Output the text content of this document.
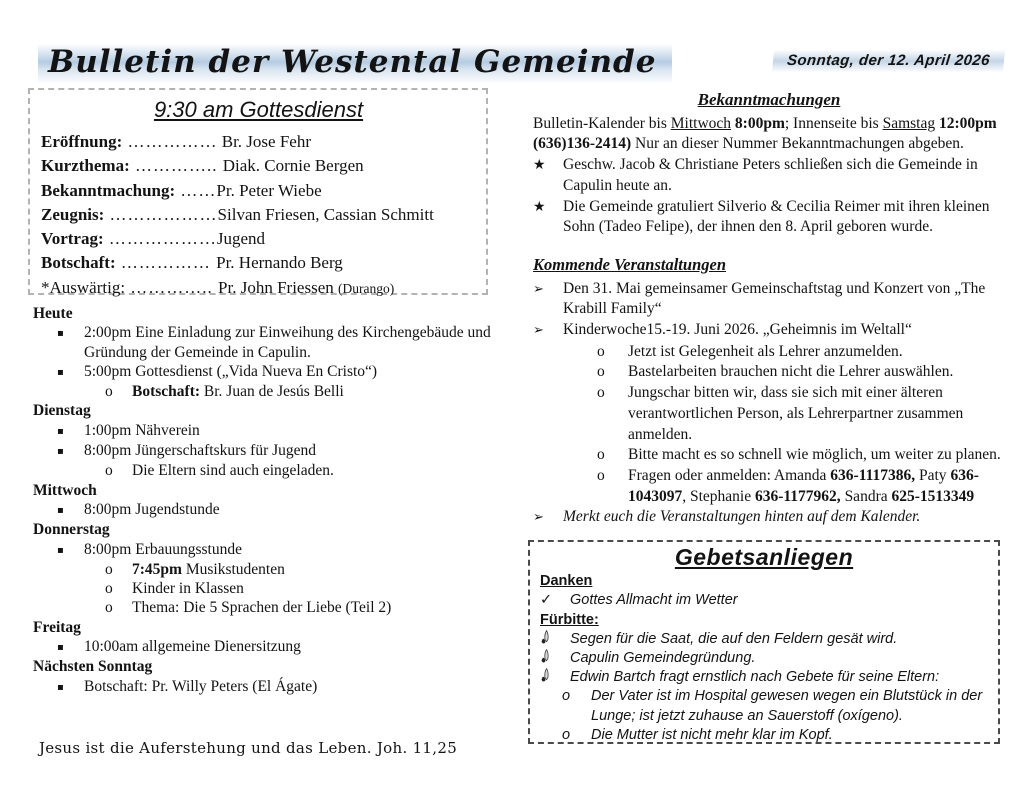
Bulletin der Westental Gemeinde	Sonntag, der 12. April 2026
9:30 am Gottesdienst
Eröffnung: …………… Br. Jose Fehr
Kurzthema: ………….. Diak. Cornie Bergen
Bekanntmachung: ……Pr. Peter Wiebe
Zeugnis: ………………Silvan Friesen, Cassian Schmitt
Vortrag: ………………Jugend
Botschaft: …………… Pr. Hernando Berg
*Auswärtig: ………….. Pr. John Friessen (Durango)
Heute
▪	2:00pm Eine Einladung zur Einweihung des Kirchengebäude und Gründung der Gemeinde in Capulin.
▪	5:00pm Gottesdienst („Vida Nueva En Cristo“)
o	Botschaft: Br. Juan de Jesús Belli
Dienstag
▪	1:00pm Nähverein
▪	8:00pm Jüngerschaftskurs für Jugend
o	Die Eltern sind auch eingeladen.
Mittwoch
▪	8:00pm Jugendstunde
Donnerstag
▪	8:00pm Erbauungsstunde
o	7:45pm Musikstudenten
o	Kinder in Klassen
o	Thema: Die 5 Sprachen der Liebe (Teil 2)
Freitag
▪	10:00am allgemeine Dienersitzung
Nächsten Sonntag
▪	Botschaft: Pr. Willy Peters (El Ágate)
Jesus ist die Auferstehung und das Leben. Joh. 11,25
Bekanntmachungen

Bulletin-Kalender bis Mittwoch 8:00pm; Innenseite bis Samstag 12:00pm
(636)136-2414) Nur an dieser Nummer Bekanntmachungen abgeben.

★	Geschw. Jacob & Christiane Peters schließen sich die Gemeinde in Capulin heute an.
★	Die Gemeinde gratuliert Silverio & Cecilia Reimer mit ihren kleinen Sohn (Tadeo Felipe), der ihnen den 8. April geboren wurde.
Kommende Veranstaltungen
➢	Den 31. Mai gemeinsamer Gemeinschaftstag und Konzert von „The Krabill Family“
➢	Kinderwoche15.-19. Juni 2026. „Geheimnis im Weltall“
o	Jetzt ist Gelegenheit als Lehrer anzumelden.
o	Bastelarbeiten brauchen nicht die Lehrer auswählen.
o	Jungschar bitten wir, dass sie sich mit einer älteren verantwortlichen Person, als Lehrerpartner zusammen anmelden.
o	Bitte macht es so schnell wie möglich, um weiter zu planen.
o	Fragen oder anmelden: Amanda 636-1117386, Paty 636-1043097, Stephanie 636-1177962, Sandra 625-1513349
➢	Merkt euch die Veranstaltungen hinten auf dem Kalender.
Gebetsanliegen
Danken
✓	Gottes Allmacht im Wetter
Fürbitte:
Segen für die Saat, die auf den Feldern gesät wird.
Capulin Gemeindegründung.
Edwin Bartch fragt ernstlich nach Gebete für seine Eltern:
o	Der Vater ist im Hospital gewesen wegen ein Blutstück in der Lunge; ist jetzt zuhause an Sauerstoff (oxígeno).
o	Die Mutter ist nicht mehr klar im Kopf.
